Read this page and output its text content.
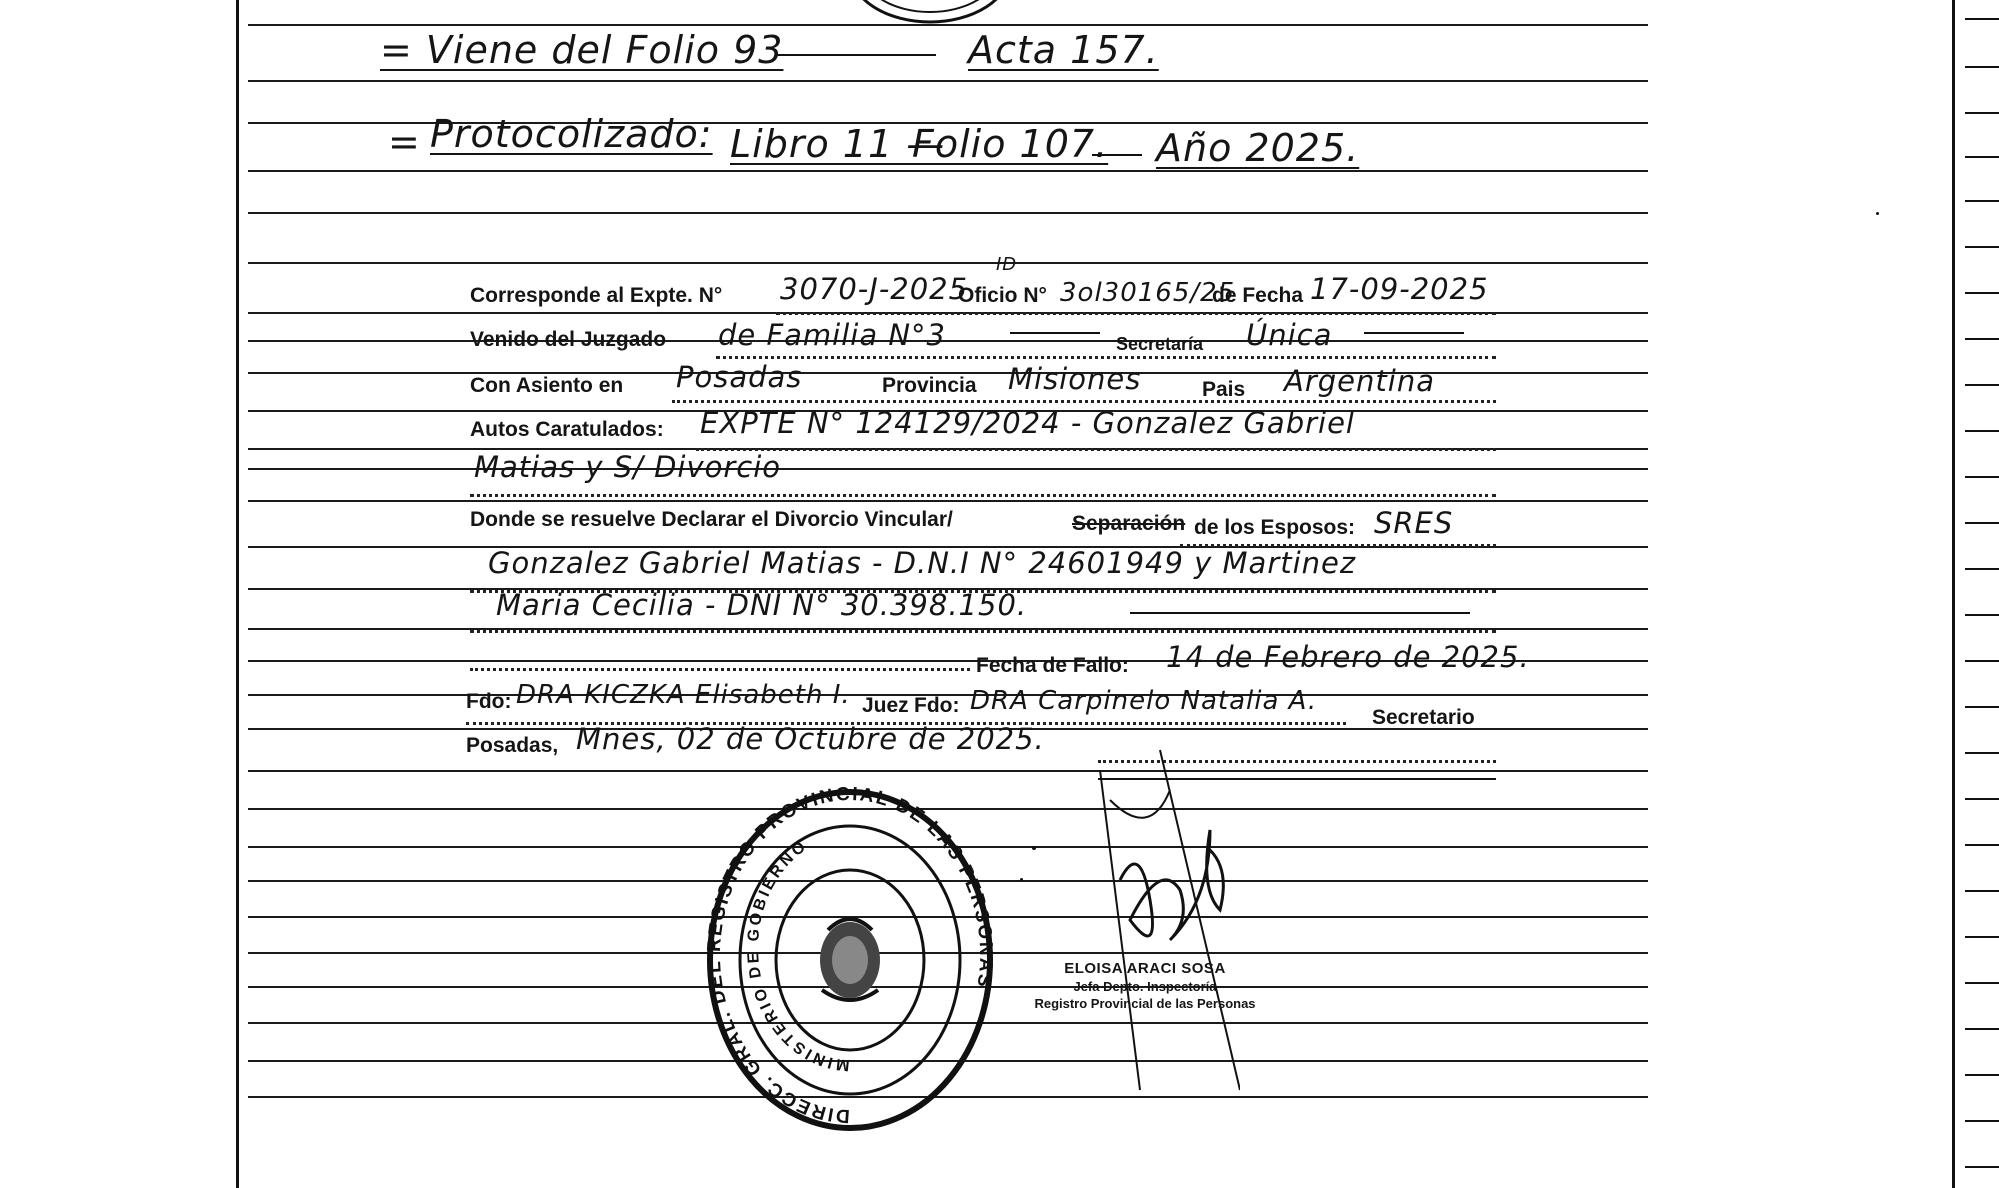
= Viene del Folio 93	Acta 157.
= Protocolizado: Libro 11 —
Folio 107. Año 2025.
ID
Corresponde al Expte. N° 3070-J-2025
Oficio N° 3ol30165/25
de Fecha 17-09-2025
Venido del Juzgado de Familia N°3	Secretaría Única
Con Asiento en Posadas	Provincia Misiones	Pais Argentina
Autos Caratulados: EXPTE N° 124129/2024 - Gonzalez Gabriel
Matias y S/ Divorcio
Donde se resuelve Declarar el Divorcio Vincular/	Separación de los Esposos: SRES
Gonzalez Gabriel Matias - D.N.I N° 24601949 y Martinez
Maria Cecilia - DNI N° 30.398.150.
Fecha de Fallo: 14 de Febrero de 2025.
Fdo: DRA KICZKA Elisabeth I. Juez Fdo: DRA Carpinelo Natalia A.
Secretario
Posadas, Mnes, 02 de Octubre de 2025.
DIRECC. GRAL. DEL REGISTRO PROVINCIAL DE LAS PERSONAS
MINISTERIO DE GOBIERNO
ELOISA ARACI SOSA
Jefa Depto. Inspectoría
Registro Provincial de las Personas
